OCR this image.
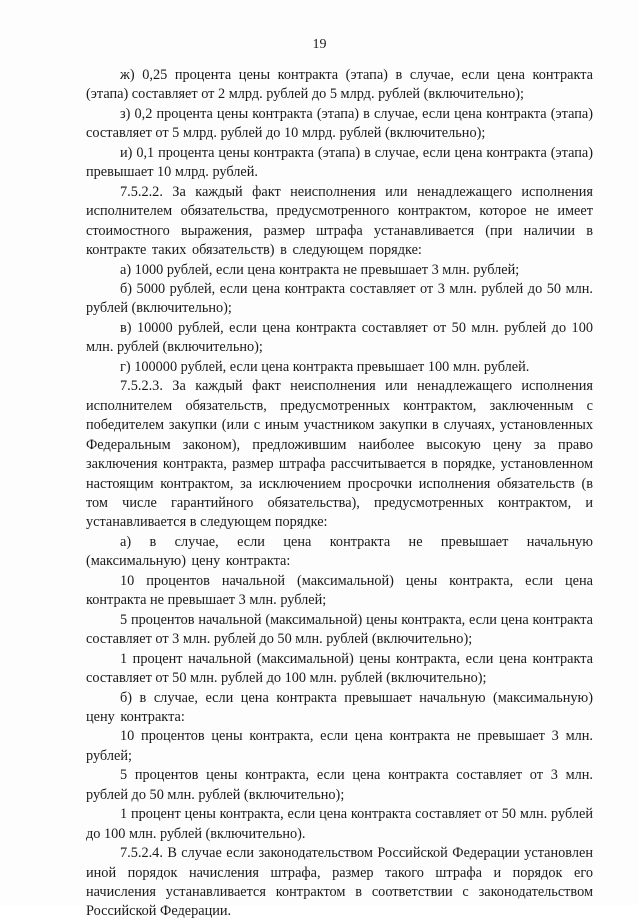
19

ж) 0,25 процента цены контракта (этапа) в случае, если цена контракта (этапа) составляет от 2 млрд. рублей до 5 млрд. рублей (включительно);

з) 0,2 процента цены контракта (этапа) в случае, если цена контракта (этапа) составляет от 5 млрд. рублей до 10 млрд. рублей (включительно);

и) 0,1 процента цены контракта (этапа) в случае, если цена контракта (этапа) превышает 10 млрд. рублей.

7.5.2.2. За каждый факт неисполнения или ненадлежащего исполнения исполнителем обязательства, предусмотренного контрактом, которое не имеет стоимостного выражения, размер штрафа устанавливается (при наличии в контракте таких обязательств) в следующем порядке:

а) 1000 рублей, если цена контракта не превышает 3 млн. рублей;

б) 5000 рублей, если цена контракта составляет от 3 млн. рублей до 50 млн. рублей (включительно);

в) 10000 рублей, если цена контракта составляет от 50 млн. рублей до 100 млн. рублей (включительно);

г) 100000 рублей, если цена контракта превышает 100 млн. рублей.

7.5.2.3. За каждый факт неисполнения или ненадлежащего исполнения исполнителем обязательств, предусмотренных контрактом, заключенным с победителем закупки (или с иным участником закупки в случаях, установленных Федеральным законом), предложившим наиболее высокую цену за право заключения контракта, размер штрафа рассчитывается в порядке, установленном настоящим контрактом, за исключением просрочки исполнения обязательств (в том числе гарантийного обязательства), предусмотренных контрактом, и устанавливается в следующем порядке:

а) в случае, если цена контракта не превышает начальную (максимальную) цену контракта:

10 процентов начальной (максимальной) цены контракта, если цена контракта не превышает 3 млн. рублей;

5 процентов начальной (максимальной) цены контракта, если цена контракта составляет от 3 млн. рублей до 50 млн. рублей (включительно);

1 процент начальной (максимальной) цены контракта, если цена контракта составляет от 50 млн. рублей до 100 млн. рублей (включительно);

б) в случае, если цена контракта превышает начальную (максимальную) цену контракта:

10 процентов цены контракта, если цена контракта не превышает 3 млн. рублей;

5 процентов цены контракта, если цена контракта составляет от 3 млн. рублей до 50 млн. рублей (включительно);

1 процент цены контракта, если цена контракта составляет от 50 млн. рублей до 100 млн. рублей (включительно).

7.5.2.4. В случае если законодательством Российской Федерации установлен иной порядок начисления штрафа, размер такого штрафа и порядок его начисления устанавливается контрактом в соответствии с законодательством Российской Федерации.
